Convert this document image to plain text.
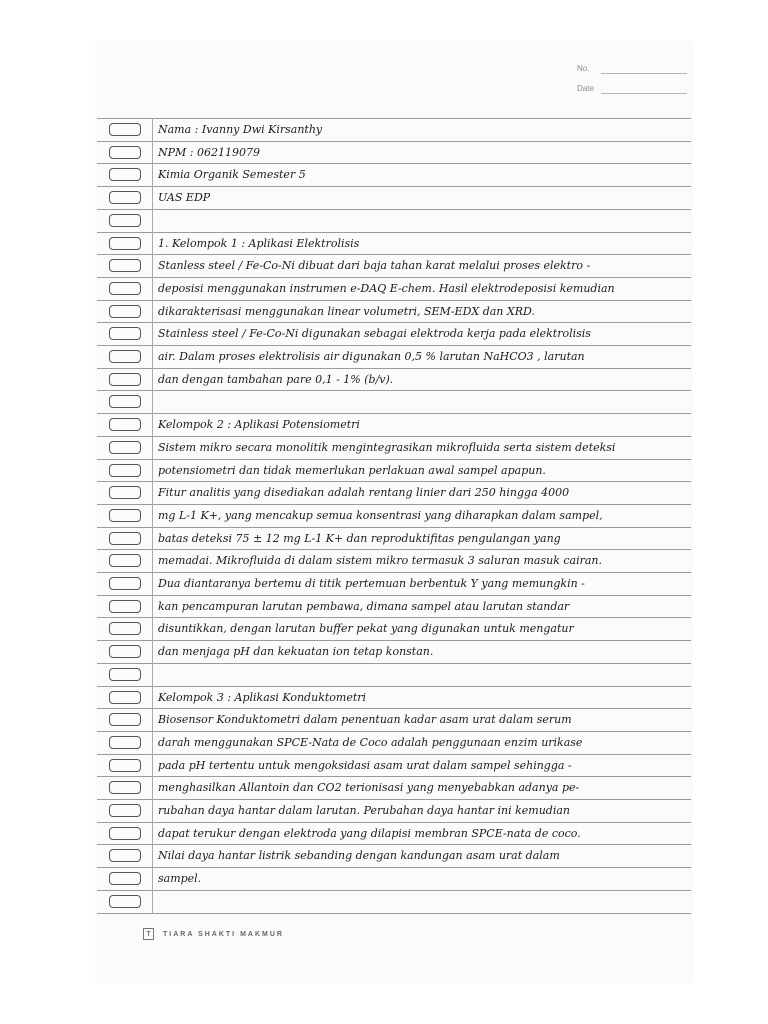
No.
Date
Nama : Ivanny Dwi Kirsanthy
NPM : 062119079
Kimia Organik Semester 5
UAS EDP
1. Kelompok 1 : Aplikasi Elektrolisis
Stanless steel / Fe-Co-Ni dibuat dari baja tahan karat melalui proses elektro -
deposisi menggunakan instrumen e-DAQ E-chem. Hasil elektrodeposisi kemudian
dikarakterisasi menggunakan linear volumetri, SEM-EDX dan XRD.
Stainless steel / Fe-Co-Ni digunakan sebagai elektroda kerja pada elektrolisis
air. Dalam proses elektrolisis air digunakan 0,5 % larutan NaHCO3 , larutan
dan dengan tambahan pare 0,1 - 1% (b/v).
Kelompok 2 : Aplikasi Potensiometri
Sistem mikro secara monolitik mengintegrasikan mikrofluida serta sistem deteksi
potensiometri dan tidak memerlukan perlakuan awal sampel apapun.
Fitur analitis yang disediakan adalah rentang linier dari 250 hingga 4000
mg L-1 K+, yang mencakup semua konsentrasi yang diharapkan dalam sampel,
batas deteksi 75 ± 12 mg L-1 K+ dan reproduktifitas pengulangan yang
memadai. Mikrofluida di dalam sistem mikro termasuk 3 saluran masuk cairan.
Dua diantaranya bertemu di titik pertemuan berbentuk Y yang memungkin -
kan pencampuran larutan pembawa, dimana sampel atau larutan standar
disuntikkan, dengan larutan buffer pekat yang digunakan untuk mengatur
dan menjaga pH dan kekuatan ion tetap konstan.
Kelompok 3 : Aplikasi Konduktometri
Biosensor Konduktometri dalam penentuan kadar asam urat dalam serum
darah menggunakan SPCE-Nata de Coco adalah penggunaan enzim urikase
pada pH tertentu untuk mengoksidasi asam urat dalam sampel sehingga -
menghasilkan Allantoin dan CO2 terionisasi yang menyebabkan adanya pe-
rubahan daya hantar dalam larutan. Perubahan daya hantar ini kemudian
dapat terukur dengan elektroda yang dilapisi membran SPCE-nata de coco.
Nilai daya hantar listrik sebanding dengan kandungan asam urat dalam
sampel.
T	TIARA SHAKTI MAKMUR
